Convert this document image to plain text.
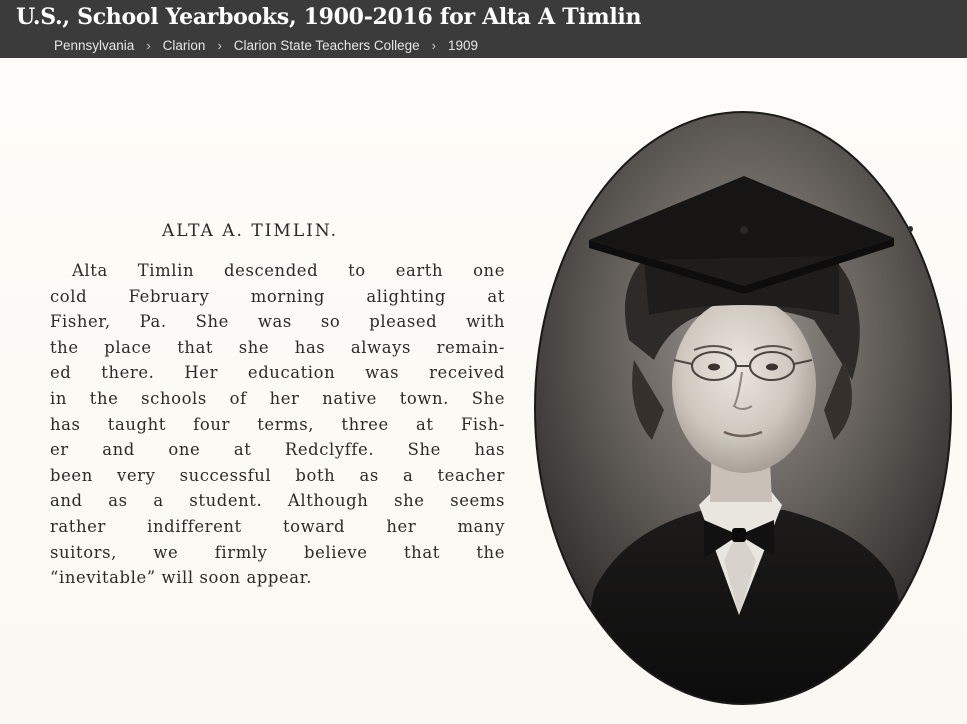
U.S., School Yearbooks, 1900-2016 for Alta A Timlin
Pennsylvania › Clarion › Clarion State Teachers College › 1909
ALTA A. TIMLIN.
Alta Timlin descended to earth one
cold February morning alighting at
Fisher, Pa. She was so pleased with
the place that she has always remain-
ed there. Her education was received
in the schools of her native town. She
has taught four terms, three at Fish-
er and one at Redclyffe. She has
been very successful both as a teacher
and as a student. Although she seems
rather indifferent toward her many
suitors, we firmly believe that the
“inevitable” will soon appear.
